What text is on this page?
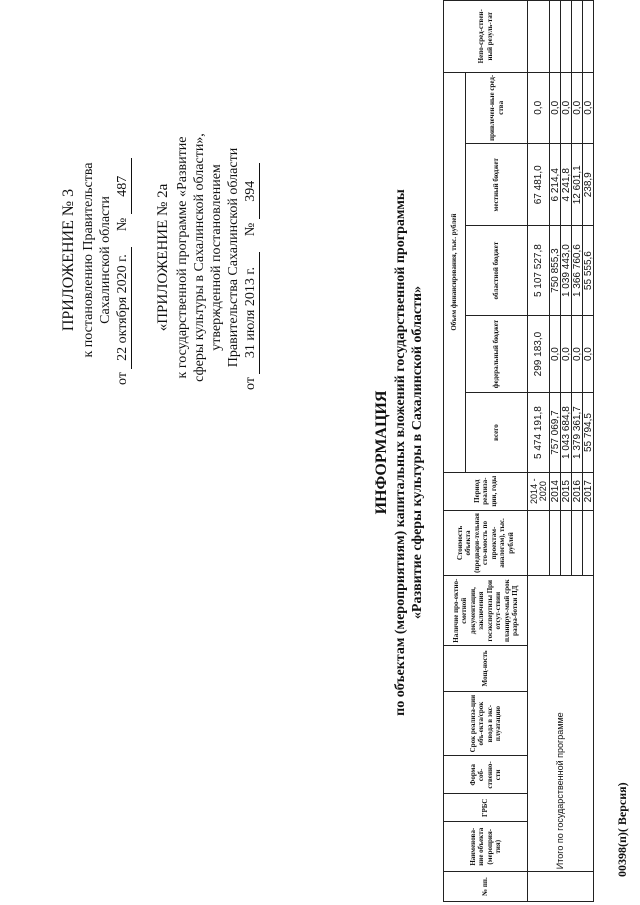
ПРИЛОЖЕНИЕ № 3 к постановлению Правительства Сахалинской области
от 22 октября 2020 г. № 487 «ПРИЛОЖЕНИЕ № 2а к государственной программе «Развитие сферы культуры в Сахалинской области», утвержденной постановлением Правительства Сахалинской области
от 31 июля 2013 г. № 394
ИНФОРМАЦИЯ по объектам (мероприятиям) капитальных вложений государственной программы «Развитие сферы культуры в Сахалинской области»
№ пп.	Наименова-ние объекта (мероприя-тия)	ГРБС	Форма соб-ственно-сти	Срок реализа-ции объ-екта/срок ввода в экс-плуатацию	Мощ-ность	Наличие про-ектно-сметной документации, заключения госэкспертизы При отсут-ствии планируе-мый срок разра-ботки ПД	Стоимость объекта (предвари-тельная сто-имость по проектам-аналогам), тыс. рублей	Период реализа-ции, годы	Объем финансирования, тыс. рублей					Непо-сред-ствен-ный резуль-тат
									всего	федеральный бюджет	областной бюджет	местный бюджет	привлечен-ные сред-ства	
	Итого по государственной программе							2014 - 2020	5 474 191,8	299 183,0	5 107 527,8	67 481,0	0,0	
								2014	757 069,7	0,0	750 855,3	6 214,4	0,0	
								2015	1 043 684,8	0,0	1 039 443,0	4 241,8	0,0	
								2016	1 379 361,7	0,0	1 366 760,6	12 601,1	0,0	
								2017	55 794,5	0,0	55 555,6	238,9	0,0	
00398(п)( Версия)
